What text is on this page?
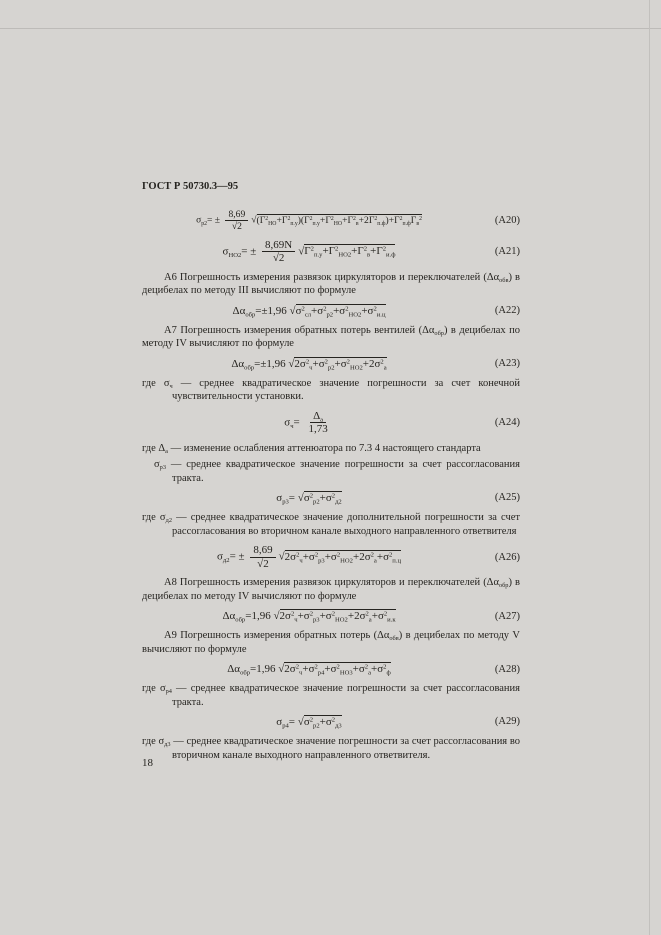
ГОСТ Р 50730.3—95
$\sigma_{р2}= \pm \frac{8,69}{√2} √(\Gamma^2_{НО}+\Gamma^2_{п.у})(\Gamma^2_{п.у}+\Gamma^2_{НО}+\Gamma^2_в+2\Gamma^2_{п.ф})+\Gamma^2_{п.ф}\Gamma_в^2$	(А20)
$\sigma_{НО2}= \pm \frac{8,69N}{√2} √\Gamma^2_{п.у}+\Gamma^2_{НО2}+\Gamma^2_в+\Gamma^2_{и.ф}$	(А21)
А6 Погрешность измерения развязок циркуляторов и переключателей $(\Delta\alpha_{обв})$ в децибелах по методу III вычисляют по формуле
$\Delta\alpha_{обр}=\pm 1,96$ $√\sigma^2_{сл}+\sigma^2_{р2}+\sigma^2_{НО2}+\sigma^2_{и.ц}$	(А22)
А7 Погрешность измерения обратных потерь вентилей $(\Delta\alpha_{обр})$ в децибелах по методу IV вычисляют по формуле
$\Delta\alpha_{обр}=\pm 1,96$ $√2\sigma^2_ч+\sigma^2_{р2}+\sigma^2_{НО2}+2\sigma^2_а$	(А23)
где $\sigma_ч$ — среднее квадратическое значение погрешности за счет конечной чувствительности установки.
$\sigma_ч= \frac{\Delta_а}{1,73}$	(А24)
где $\Delta_а$ — изменение ослабления аттенюатора по 7.3 4 настоящего стандарта
$\sigma_{р3}$ — среднее квадратическое значение погрешности за счет рассогласования тракта.
$\sigma_{р3}= √\sigma^2_{р2}+\sigma^2_{д2}$	(А25)
где $\sigma_{д2}$ — среднее квадратическое значение дополнительной погрешности за счет рассогласования во вторичном канале выходного направленного ответвителя
$\sigma_{д2}= \pm \frac{8,69}{√2} √2\sigma^2_ч+\sigma^2_{р3}+\sigma^2_{НО2}+2\sigma^2_а+\sigma^2_{п.ц}$	(А26)
А8 Погрешность измерения развязок циркуляторов и переключателей $(\Delta\alpha_{обр})$ в децибелах по методу IV вычисляют по формуле
$\Delta\alpha_{обр}=1,96$ $√2\sigma^2_ч+\sigma^2_{р3}+\sigma^2_{НО2}+2\sigma^2_а+\sigma^2_{и.к}$	(А27)
А9 Погрешность измерения обратных потерь $(\Delta\alpha_{обв})$ в децибелах по методу V вычисляют по формуле
$\Delta\alpha_{обр}=1,96$ $√2\sigma^2_ч+\sigma^2_{р4}+\sigma^2_{НО3}+\sigma^2_а+\sigma^2_ф$	(А28)
где $\sigma_{р4}$ — среднее квадратическое значение погрешности за счет рассогласования тракта.
$\sigma_{р4}= √\sigma^2_{р2}+\sigma^2_{д3}$	(А29)
где $\sigma_{д3}$ — среднее квадратическое значение погрешности за счет рассогласования во вторичном канале выходного направленного ответвителя.
18
